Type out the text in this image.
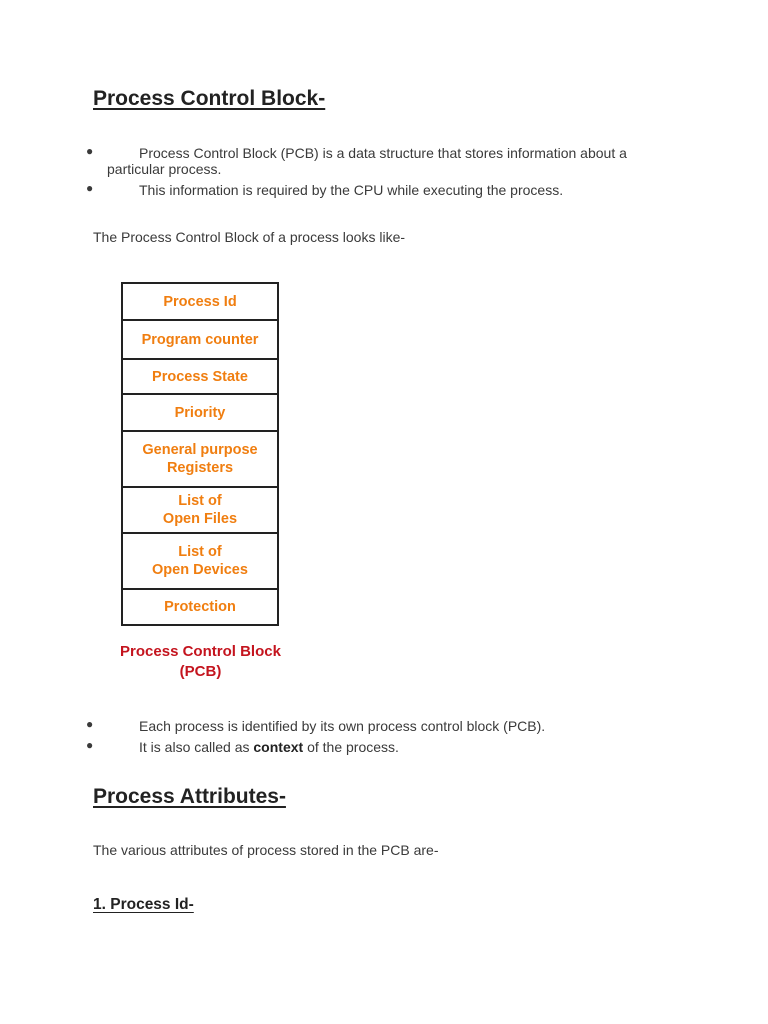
Process Control Block-
●	Process Control Block (PCB) is a data structure that stores information about a
particular process.
●	This information is required by the CPU while executing the process.

The Process Control Block of a process looks like-

Process Id
Program counter
Process State
Priority
General purpose
Registers
List of
Open Files
List of
Open Devices
Protection
Process Control Block
(PCB)
●	Each process is identified by its own process control block (PCB).
●	It is also called as context of the process.
Process Attributes-

The various attributes of process stored in the PCB are-

1. Process Id-
